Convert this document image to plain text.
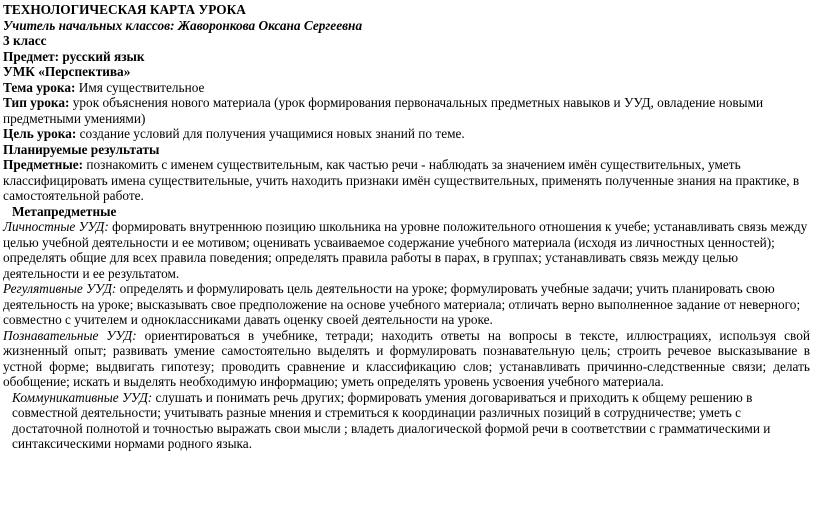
ТЕХНОЛОГИЧЕСКАЯ КАРТА УРОКА

Учитель начальных классов: Жаворонкова Оксана Сергеевна

3 класс

Предмет: русский язык

УМК «Перспектива»

Тема урока: Имя существительное

Тип урока: урок объяснения нового материала (урок формирования первоначальных предметных навыков и УУД, овладение новыми предметными умениями)

Цель урока: создание условий для получения учащимися новых знаний по теме.

Планируемые результаты

Предметные: познакомить с именем существительным, как частью речи - наблюдать за значением имён существительных, уметь классифицировать имена существительные, учить находить признаки имён существительных, применять полученные знания на практике, в самостоятельной работе.

Метапредметные

Личностные УУД: формировать внутреннюю позицию школьника на уровне положительного отношения к учебе; устанавливать связь между целью учебной деятельности и ее мотивом; оценивать усваиваемое содержание учебного материала (исходя из личностных ценностей); определять общие для всех правила поведения; определять правила работы в парах, в группах; устанавливать связь между целью деятельности и ее результатом.

Регулятивные УУД: определять и формулировать цель деятельности на уроке; формулировать учебные задачи; учить планировать свою деятельность на уроке; высказывать свое предположение на основе учебного материала; отличать верно выполненное задание от неверного; совместно с учителем и одноклассниками давать оценку своей деятельности на уроке.

Познавательные УУД: ориентироваться в учебнике, тетради; находить ответы на вопросы в тексте, иллюстрациях, используя свой жизненный опыт; развивать умение самостоятельно выделять и формулировать познавательную цель; строить речевое высказывание в устной форме; выдвигать гипотезу; проводить сравнение и классификацию слов; устанавливать причинно-следственные связи; делать обобщение; искать и выделять необходимую информацию; уметь определять уровень усвоения учебного материала.

Коммуникативные УУД: слушать и понимать речь других; формировать умения договариваться и приходить к общему решению в совместной деятельности; учитывать разные мнения и стремиться к координации различных позиций в сотрудничестве; уметь с достаточной полнотой и точностью выражать свои мысли ; владеть диалогической формой речи в соответствии с грамматическими и синтаксическими нормами родного языка.
